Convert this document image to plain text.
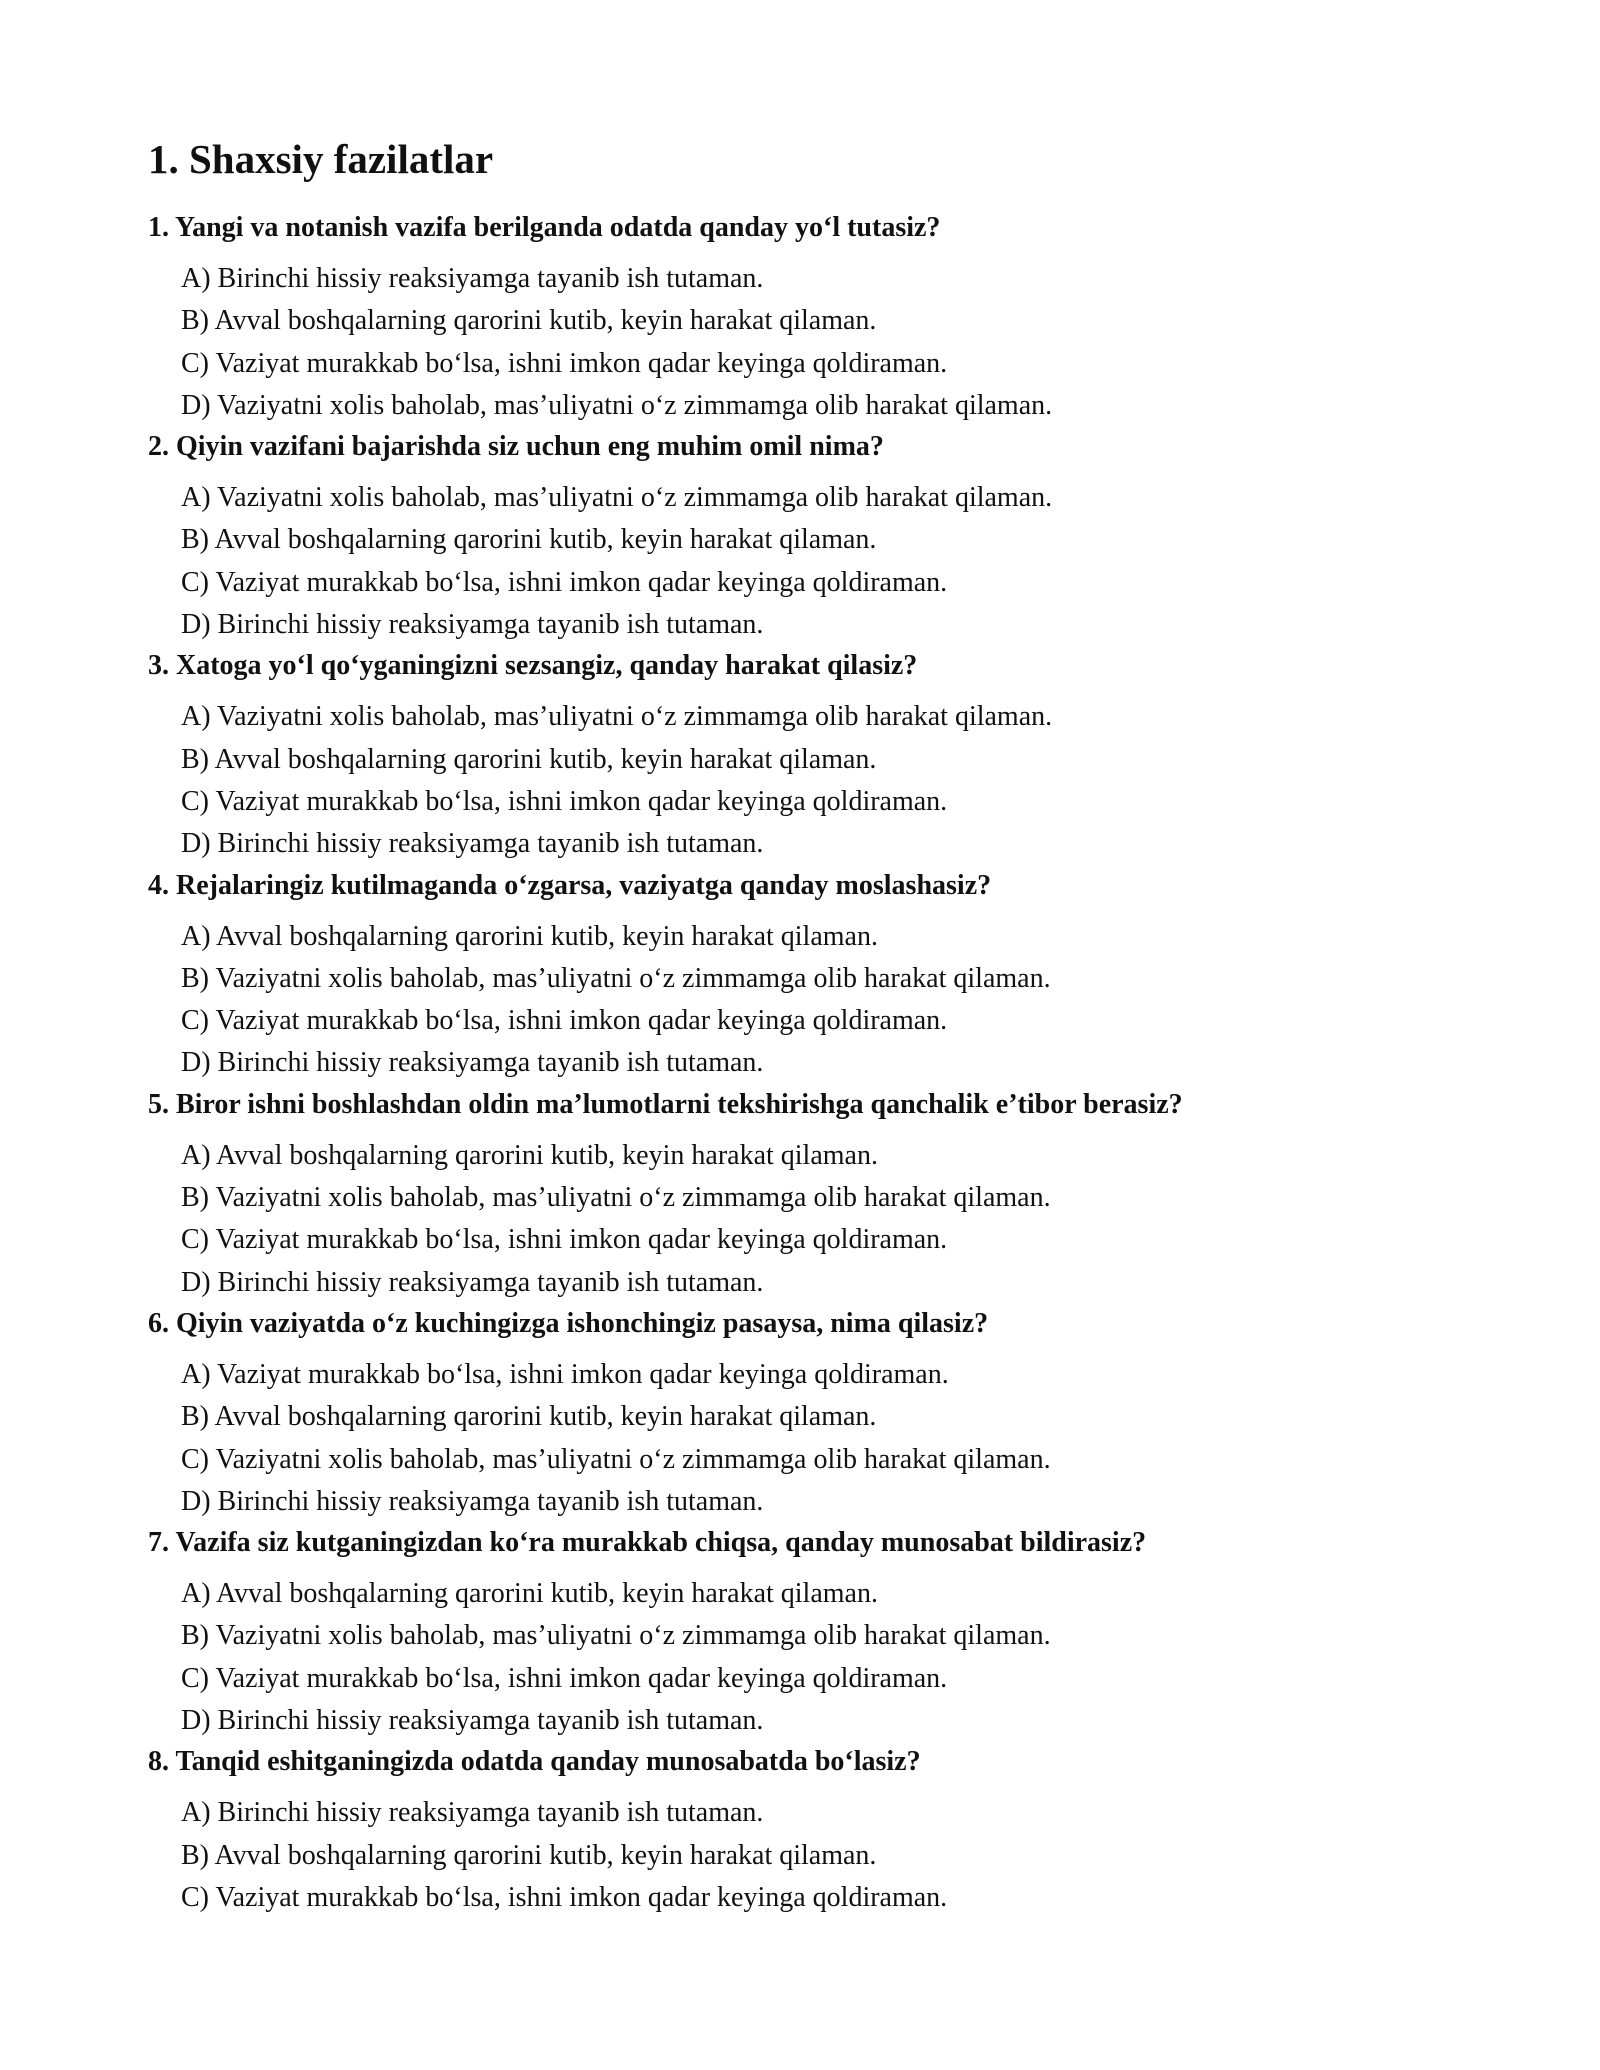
1. Shaxsiy fazilatlar
1. Yangi va notanish vazifa berilganda odatda qanday yo‘l tutasiz?
A) Birinchi hissiy reaksiyamga tayanib ish tutaman.
B) Avval boshqalarning qarorini kutib, keyin harakat qilaman.
C) Vaziyat murakkab bo‘lsa, ishni imkon qadar keyinga qoldiraman.
D) Vaziyatni xolis baholab, mas’uliyatni o‘z zimmamga olib harakat qilaman.
2. Qiyin vazifani bajarishda siz uchun eng muhim omil nima?
A) Vaziyatni xolis baholab, mas’uliyatni o‘z zimmamga olib harakat qilaman.
B) Avval boshqalarning qarorini kutib, keyin harakat qilaman.
C) Vaziyat murakkab bo‘lsa, ishni imkon qadar keyinga qoldiraman.
D) Birinchi hissiy reaksiyamga tayanib ish tutaman.
3. Xatoga yo‘l qo‘yganingizni sezsangiz, qanday harakat qilasiz?
A) Vaziyatni xolis baholab, mas’uliyatni o‘z zimmamga olib harakat qilaman.
B) Avval boshqalarning qarorini kutib, keyin harakat qilaman.
C) Vaziyat murakkab bo‘lsa, ishni imkon qadar keyinga qoldiraman.
D) Birinchi hissiy reaksiyamga tayanib ish tutaman.
4. Rejalaringiz kutilmaganda o‘zgarsa, vaziyatga qanday moslashasiz?
A) Avval boshqalarning qarorini kutib, keyin harakat qilaman.
B) Vaziyatni xolis baholab, mas’uliyatni o‘z zimmamga olib harakat qilaman.
C) Vaziyat murakkab bo‘lsa, ishni imkon qadar keyinga qoldiraman.
D) Birinchi hissiy reaksiyamga tayanib ish tutaman.
5. Biror ishni boshlashdan oldin ma’lumotlarni tekshirishga qanchalik e’tibor berasiz?
A) Avval boshqalarning qarorini kutib, keyin harakat qilaman.
B) Vaziyatni xolis baholab, mas’uliyatni o‘z zimmamga olib harakat qilaman.
C) Vaziyat murakkab bo‘lsa, ishni imkon qadar keyinga qoldiraman.
D) Birinchi hissiy reaksiyamga tayanib ish tutaman.
6. Qiyin vaziyatda o‘z kuchingizga ishonchingiz pasaysa, nima qilasiz?
A) Vaziyat murakkab bo‘lsa, ishni imkon qadar keyinga qoldiraman.
B) Avval boshqalarning qarorini kutib, keyin harakat qilaman.
C) Vaziyatni xolis baholab, mas’uliyatni o‘z zimmamga olib harakat qilaman.
D) Birinchi hissiy reaksiyamga tayanib ish tutaman.
7. Vazifa siz kutganingizdan ko‘ra murakkab chiqsa, qanday munosabat bildirasiz?
A) Avval boshqalarning qarorini kutib, keyin harakat qilaman.
B) Vaziyatni xolis baholab, mas’uliyatni o‘z zimmamga olib harakat qilaman.
C) Vaziyat murakkab bo‘lsa, ishni imkon qadar keyinga qoldiraman.
D) Birinchi hissiy reaksiyamga tayanib ish tutaman.
8. Tanqid eshitganingizda odatda qanday munosabatda bo‘lasiz?
A) Birinchi hissiy reaksiyamga tayanib ish tutaman.
B) Avval boshqalarning qarorini kutib, keyin harakat qilaman.
C) Vaziyat murakkab bo‘lsa, ishni imkon qadar keyinga qoldiraman.
